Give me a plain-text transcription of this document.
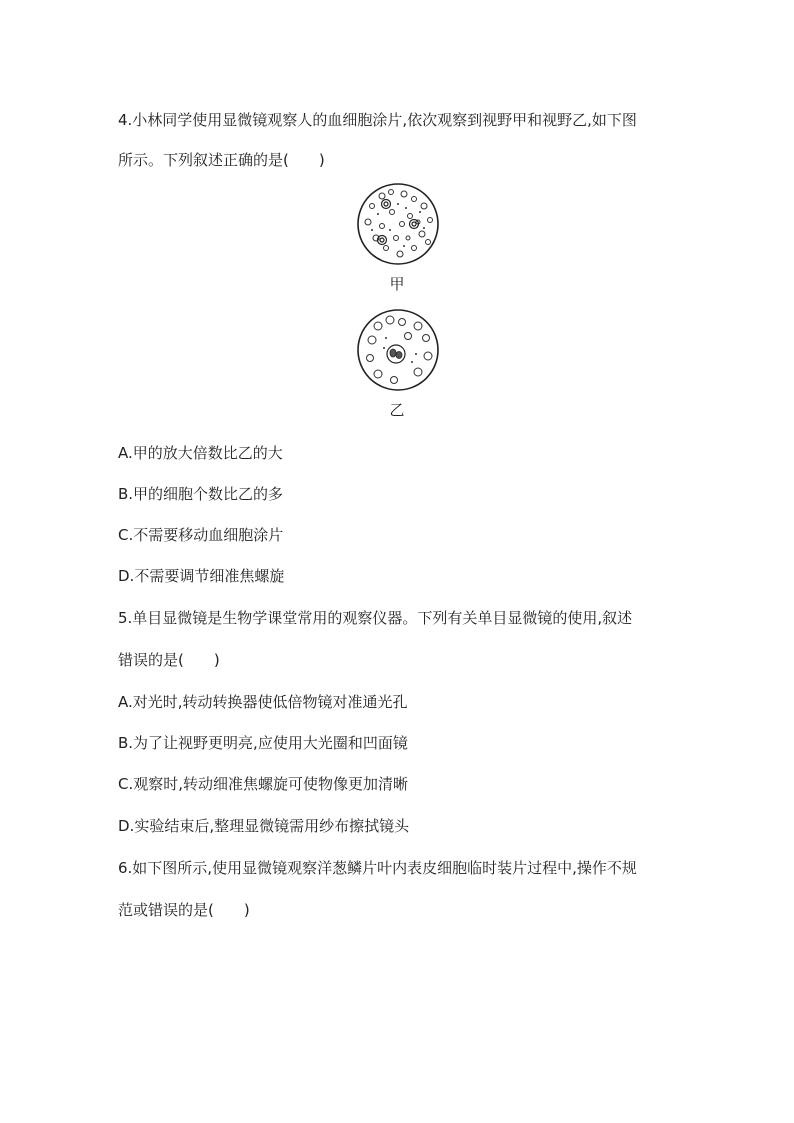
4.小林同学使用显微镜观察人的血细胞涂片,依次观察到视野甲和视野乙,如下图
所示。下列叙述正确的是(　　)
甲
乙
A.甲的放大倍数比乙的大
B.甲的细胞个数比乙的多
C.不需要移动血细胞涂片
D.不需要调节细准焦螺旋
5.单目显微镜是生物学课堂常用的观察仪器。下列有关单目显微镜的使用,叙述
错误的是(　　)
A.对光时,转动转换器使低倍物镜对准通光孔
B.为了让视野更明亮,应使用大光圈和凹面镜
C.观察时,转动细准焦螺旋可使物像更加清晰
D.实验结束后,整理显微镜需用纱布擦拭镜头
6.如下图所示,使用显微镜观察洋葱鳞片叶内表皮细胞临时装片过程中,操作不规
范或错误的是(　　)
